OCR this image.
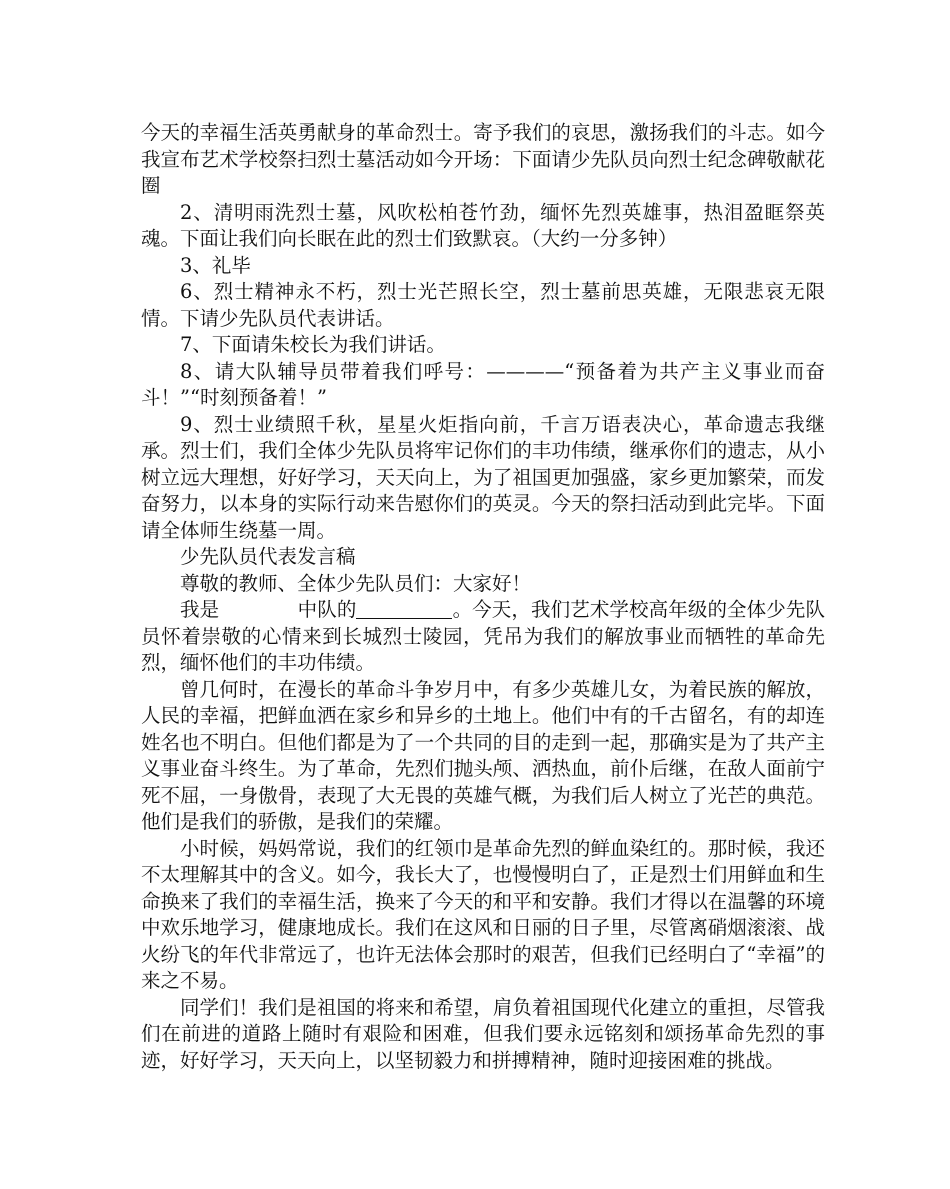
今天的幸福生活英勇献身的革命烈士。寄予我们的哀思，激扬我们的斗志。如今我宣布艺术学校祭扫烈士墓活动如今开场：下面请少先队员向烈士纪念碑敬献花圈

2、清明雨洗烈士墓，风吹松柏苍竹劲，缅怀先烈英雄事，热泪盈眶祭英魂。下面让我们向长眠在此的烈士们致默哀。（大约一分多钟）

3、礼毕

6、烈士精神永不朽，烈士光芒照长空，烈士墓前思英雄，无限悲哀无限情。下请少先队员代表讲话。

7、下面请朱校长为我们讲话。

8、请大队辅导员带着我们呼号：————“预备着为共产主义事业而奋斗！”“时刻预备着！”

9、烈士业绩照千秋，星星火炬指向前，千言万语表决心，革命遗志我继承。烈士们，我们全体少先队员将牢记你们的丰功伟绩，继承你们的遗志，从小树立远大理想，好好学习，天天向上，为了祖国更加强盛，家乡更加繁荣，而发奋努力，以本身的实际行动来告慰你们的英灵。今天的祭扫活动到此完毕。下面请全体师生绕墓一周。

少先队员代表发言稿

尊敬的教师、全体少先队员们：大家好！

我是　　　　中队的	。今天，我们艺术学校高年级的全体少先队员怀着崇敬的心情来到长城烈士陵园，凭吊为我们的解放事业而牺牲的革命先烈，缅怀他们的丰功伟绩。

曾几何时，在漫长的革命斗争岁月中，有多少英雄儿女，为着民族的解放，人民的幸福，把鲜血洒在家乡和异乡的土地上。他们中有的千古留名，有的却连姓名也不明白。但他们都是为了一个共同的目的走到一起，那确实是为了共产主义事业奋斗终生。为了革命，先烈们抛头颅、洒热血，前仆后继，在敌人面前宁死不屈，一身傲骨，表现了大无畏的英雄气概，为我们后人树立了光芒的典范。他们是我们的骄傲，是我们的荣耀。

小时候，妈妈常说，我们的红领巾是革命先烈的鲜血染红的。那时候，我还不太理解其中的含义。如今，我长大了，也慢慢明白了，正是烈士们用鲜血和生命换来了我们的幸福生活，换来了今天的和平和安静。我们才得以在温馨的环境中欢乐地学习，健康地成长。我们在这风和日丽的日子里，尽管离硝烟滚滚、战火纷飞的年代非常远了，也许无法体会那时的艰苦，但我们已经明白了“幸福”的来之不易。

同学们！我们是祖国的将来和希望，肩负着祖国现代化建立的重担，尽管我们在前进的道路上随时有艰险和困难，但我们要永远铭刻和颂扬革命先烈的事迹，好好学习，天天向上，以坚韧毅力和拼搏精神，随时迎接困难的挑战。
